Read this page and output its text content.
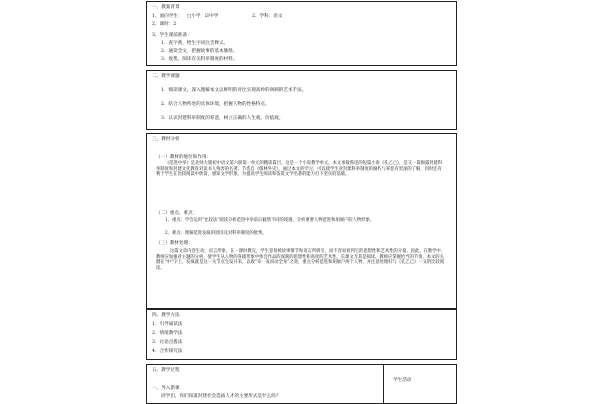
一、教案背景
1、面向学生： □小学 ☑中学	2、学科：语文
2、课时：2
3、学生课前准备：
1．查字典，给生字词注音释义。
2．通读全文，把握故事的基本脉络。
3．收集、阅读有关科举制度的材料。
二、教学课题
1．细读课文，深入理解本文以鲜明的对比实现高妙的讽刺的艺术手法。
2．结合人物所处的具体环境，把握人物的性格特点。
3．认识封建科举制度的罪恶，树立正确的人生观、价值观。
三、教材分析
（一）教材的地位和作用：
《范进中举》是北师大版初中语文第六册第一单元的精读篇目，这是一个小说教学单元。本文承接鲁迅的短篇小说《孔乙己》，是又一篇揭露封建科举制度和封建文化教育对读书人残害的名著。节选自《儒林外史》，通过本文的学习，可以使学生对封建科举制度的腐朽与罪恶有更深的了解，同时还有利于学生在比较阅读中欣赏、感知文学形象，为提高学生阅读和鉴赏文学名著的能力打下坚实的基础。
（二）重点，难点：
1、重点：学会运用“比较法”阅读分析范进中举前后截然不同的境遇，分析重要人物范进和胡屠户的人物形象。
2、难点：理解范进发疯的原因及对科举制度的批判。
（三）教材处理：
这篇文章内容生动，语言形象，在一课时教完，学生容易被故事情节和语言所吸引，而不容易看到它的思想性和艺术性的分量。因此，在教学中，教师应加强对主题的分析，使学生从人物的喜剧形象中体会作品的深刻的思想性和高度的艺术性。长课文尤其是阅读，教师应掌握恰当的节奏，本文的关键在“中”字上，发疯就是这一关节点生发开来，以收“牵一发而动全身”之效，重点分析范进和胡屠户两个人物，并注意处理好与《孔乙己》一文的比较阅读。
四、教学方法
1．引导诵读法
2．情境教学法
3．讨论点拨法
4．合作探究法
五、教学过程
学生活动
一、导入新课
同学们，你们知道封建社会选拔人才的主要形式是什么吗？
